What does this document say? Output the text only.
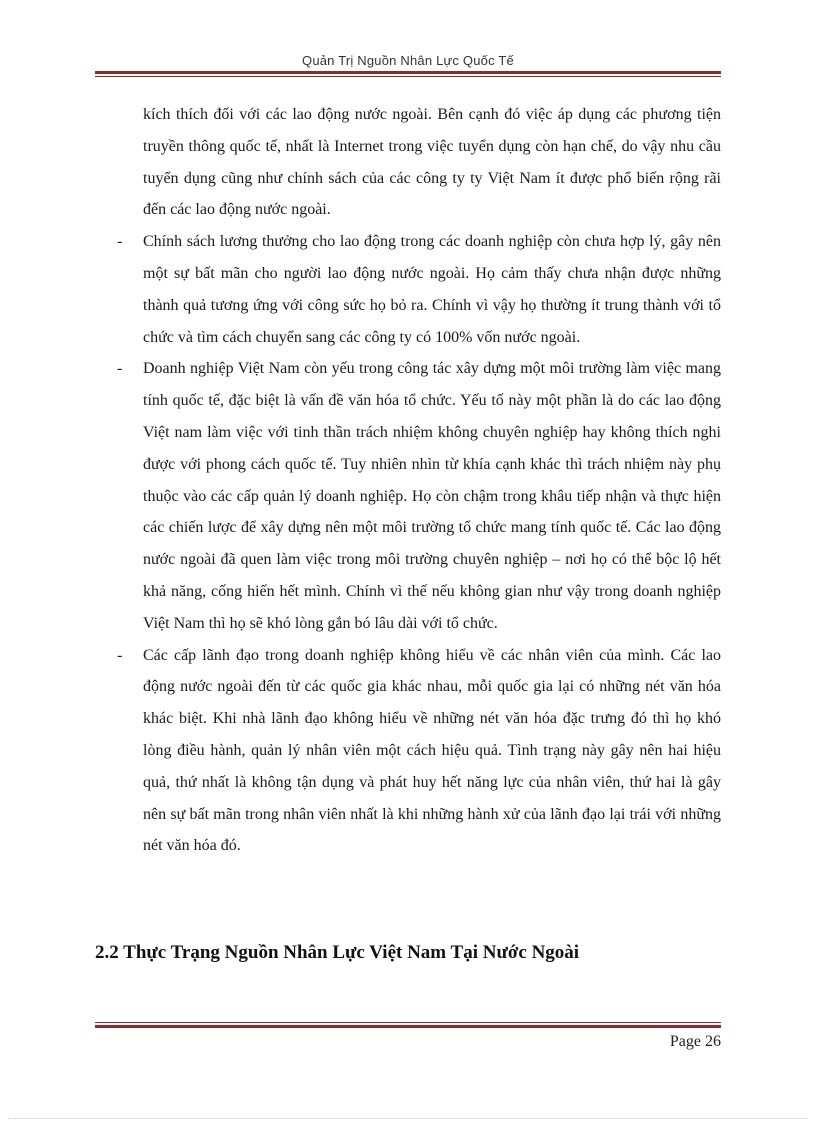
Quản Trị Nguồn Nhân Lực Quốc Tế

kích thích đối với các lao động nước ngoài. Bên cạnh đó việc áp dụng các phương tiện truyền thông quốc tế, nhất là Internet trong việc tuyển dụng còn hạn chế, do vậy nhu cầu tuyển dụng cũng như chính sách của các công ty ty Việt Nam ít được phổ biến rộng rãi đến các lao động nước ngoài.

- Chính sách lương thưởng cho lao động trong các doanh nghiệp còn chưa hợp lý, gây nên một sự bất mãn cho người lao động nước ngoài. Họ cảm thấy chưa nhận được những thành quả tương ứng với công sức họ bỏ ra. Chính vì vậy họ thường ít trung thành với tổ chức và tìm cách chuyển sang các công ty có 100% vốn nước ngoài.
- Doanh nghiệp Việt Nam còn yếu trong công tác xây dựng một môi trường làm việc mang tính quốc tế, đặc biệt là vấn đề văn hóa tổ chức. Yếu tố này một phần là do các lao động Việt nam làm việc với tinh thần trách nhiệm không chuyên nghiệp hay không thích nghi được với phong cách quốc tế. Tuy nhiên nhìn từ khía cạnh khác thì trách nhiệm này phụ thuộc vào các cấp quản lý doanh nghiệp. Họ còn chậm trong khâu tiếp nhận và thực hiện các chiến lược để xây dựng nên một môi trường tổ chức mang tính quốc tế. Các lao động nước ngoài đã quen làm việc trong môi trường chuyên nghiệp – nơi họ có thể bộc lộ hết khả năng, cống hiến hết mình. Chính vì thế nếu không gian như vậy trong doanh nghiệp Việt Nam thì họ sẽ khó lòng gắn bó lâu dài với tổ chức.
- Các cấp lãnh đạo trong doanh nghiệp không hiểu về các nhân viên của mình. Các lao động nước ngoài đến từ các quốc gia khác nhau, mỗi quốc gia lại có những nét văn hóa khác biệt. Khi nhà lãnh đạo không hiểu về những nét văn hóa đặc trưng đó thì họ khó lòng điều hành, quản lý nhân viên một cách hiệu quả. Tình trạng này gây nên hai hiệu quả, thứ nhất là không tận dụng và phát huy hết năng lực của nhân viên, thứ hai là gây nên sự bất mãn trong nhân viên nhất là khi những hành xử của lãnh đạo lại trái với những nét văn hóa đó.
2.2 Thực Trạng Nguồn Nhân Lực Việt Nam Tại Nước Ngoài
Page 26
